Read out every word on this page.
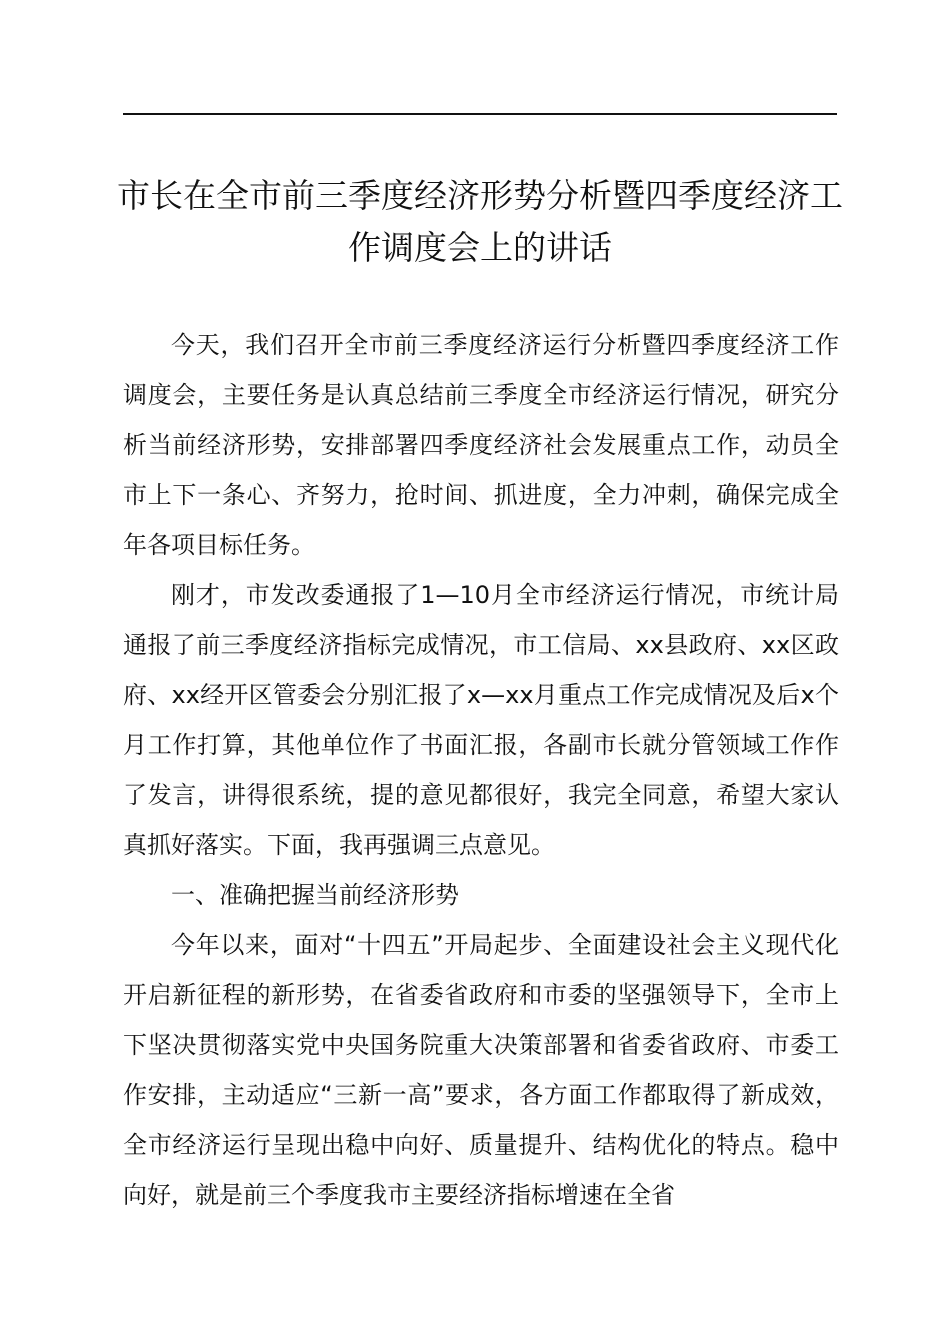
市长在全市前三季度经济形势分析暨四季度经济工作调度会上的讲话

今天，我们召开全市前三季度经济运行分析暨四季度经济工作调度会，主要任务是认真总结前三季度全市经济运行情况，研究分析当前经济形势，安排部署四季度经济社会发展重点工作，动员全市上下一条心、齐努力，抢时间、抓进度，全力冲刺，确保完成全年各项目标任务。

刚才，市发改委通报了1—10月全市经济运行情况，市统计局通报了前三季度经济指标完成情况，市工信局、xx县政府、xx区政府、xx经开区管委会分别汇报了x—xx月重点工作完成情况及后x个月工作打算，其他单位作了书面汇报，各副市长就分管领域工作作了发言，讲得很系统，提的意见都很好，我完全同意，希望大家认真抓好落实。下面，我再强调三点意见。

一、准确把握当前经济形势

今年以来，面对“十四五”开局起步、全面建设社会主义现代化开启新征程的新形势，在省委省政府和市委的坚强领导下，全市上下坚决贯彻落实党中央国务院重大决策部署和省委省政府、市委工作安排，主动适应“三新一高”要求，各方面工作都取得了新成效，全市经济运行呈现出稳中向好、质量提升、结构优化的特点。稳中向好，就是前三个季度我市主要经济指标增速在全省
